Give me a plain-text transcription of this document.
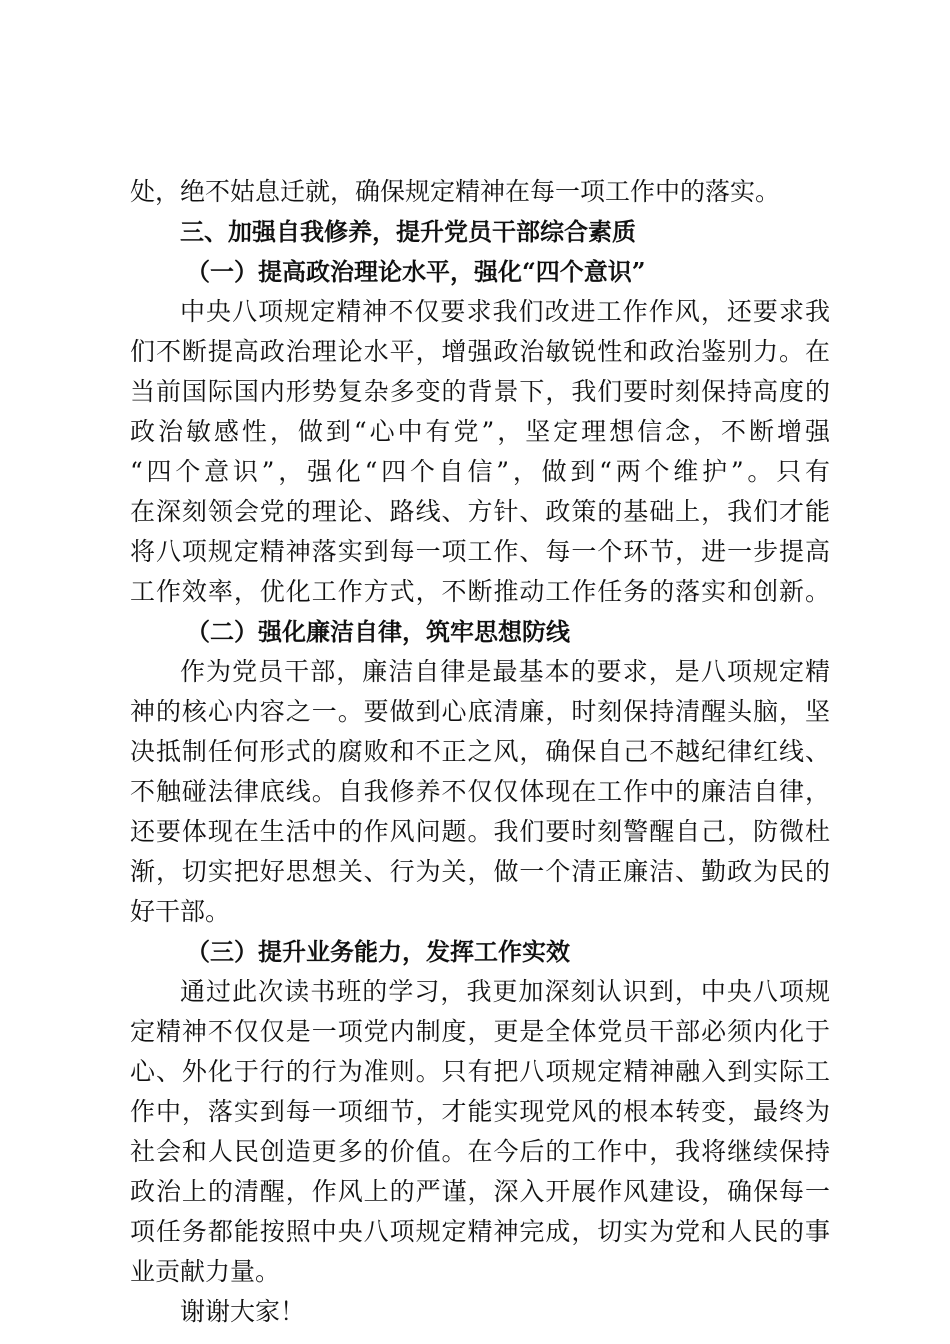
处，绝不姑息迁就，确保规定精神在每一项工作中的落实。
三、加强自我修养，提升党员干部综合素质
（一）提高政治理论水平，强化“四个意识”
中央八项规定精神不仅要求我们改进工作作风，还要求我
们不断提高政治理论水平，增强政治敏锐性和政治鉴别力。在
当前国际国内形势复杂多变的背景下，我们要时刻保持高度的
政治敏感性，做到“心中有党”，坚定理想信念，不断增强
“四个意识”，强化“四个自信”，做到“两个维护”。只有
在深刻领会党的理论、路线、方针、政策的基础上，我们才能
将八项规定精神落实到每一项工作、每一个环节，进一步提高
工作效率，优化工作方式，不断推动工作任务的落实和创新。
（二）强化廉洁自律，筑牢思想防线
作为党员干部，廉洁自律是最基本的要求，是八项规定精
神的核心内容之一。要做到心底清廉，时刻保持清醒头脑，坚
决抵制任何形式的腐败和不正之风，确保自己不越纪律红线、
不触碰法律底线。自我修养不仅仅体现在工作中的廉洁自律，
还要体现在生活中的作风问题。我们要时刻警醒自己，防微杜
渐，切实把好思想关、行为关，做一个清正廉洁、勤政为民的
好干部。
（三）提升业务能力，发挥工作实效
通过此次读书班的学习，我更加深刻认识到，中央八项规
定精神不仅仅是一项党内制度，更是全体党员干部必须内化于
心、外化于行的行为准则。只有把八项规定精神融入到实际工
作中，落实到每一项细节，才能实现党风的根本转变，最终为
社会和人民创造更多的价值。在今后的工作中，我将继续保持
政治上的清醒，作风上的严谨，深入开展作风建设，确保每一
项任务都能按照中央八项规定精神完成，切实为党和人民的事
业贡献力量。
谢谢大家！
